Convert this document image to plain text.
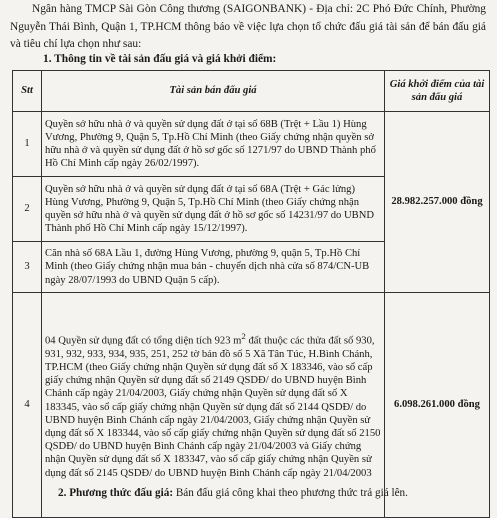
Ngân hàng TMCP Sài Gòn Công thương (SAIGONBANK) - Địa chỉ: 2C Phó Đức Chính, Phường Nguyễn Thái Bình, Quận 1, TP.HCM thông báo về việc lựa chọn tổ chức đấu giá tài sản để bán đấu giá và tiêu chí lựa chọn như sau:
1. Thông tin về tài sản đấu giá và giá khởi điểm:
Stt	Tài sản bán đấu giá	Giá khởi điểm của tài sản đấu giá
1	Quyền sở hữu nhà ở và quyền sử dụng đất ở tại số 68B (Trệt + Lầu 1) Hùng Vương, Phường 9, Quận 5, Tp.Hồ Chí Minh (theo Giấy chứng nhận quyền sở hữu nhà ở và quyền sử dụng đất ở hồ sơ gốc số 1271/97 do UBND Thành phố Hồ Chí Minh cấp ngày 26/02/1997).	28.982.257.000 đồng
2	Quyền sở hữu nhà ở và quyền sử dụng đất ở tại số 68A (Trệt + Gác lửng) Hùng Vương, Phường 9, Quận 5, Tp.Hồ Chí Minh (theo Giấy chứng nhận quyền sở hữu nhà ở và quyền sử dụng đất ở hồ sơ gốc số 14231/97 do UBND Thành phố Hồ Chí Minh cấp ngày 15/12/1997).	
3	Căn nhà số 68A Lầu 1, đường Hùng Vương, phường 9, quận 5, Tp.Hồ Chí Minh (theo Giấy chứng nhận mua bán - chuyển dịch nhà cửa số 874/CN-UB ngày 28/07/1993 do UBND Quận 5 cấp).	
4	04 Quyền sử dụng đất có tổng diện tích 923 $m^2$ đất thuộc các thửa đất số 930, 931, 932, 933, 934, 935, 251, 252 tờ bản đồ số 5 Xã Tân Túc, H.Bình Chánh, TP.HCM (theo Giấy chứng nhận Quyền sử dụng đất số X 183346, vào sổ cấp giấy chứng nhận Quyền sử dụng đất số 2149 QSDĐ/ do UBND huyện Bình Chánh cấp ngày 21/04/2003, Giấy chứng nhận Quyền sử dụng đất số X 183345, vào sổ cấp giấy chứng nhận Quyền sử dụng đất số 2144 QSDĐ/ do UBND huyện Bình Chánh cấp ngày 21/04/2003, Giấy chứng nhận Quyền sử dụng đất số X 183344, vào sổ cấp giấy chứng nhận Quyền sử dụng đất số 2150 QSDĐ/ do UBND huyện Bình Chánh cấp ngày 21/04/2003 và Giấy chứng nhận Quyền sử dụng đất số X 183347, vào sổ cấp giấy chứng nhận Quyền sử dụng đất số 2145 QSDĐ/ do UBND huyện Bình Chánh cấp ngày 21/04/2003	6.098.261.000 đồng
2. Phương thức đấu giá: Bán đấu giá công khai theo phương thức trả giá lên.
